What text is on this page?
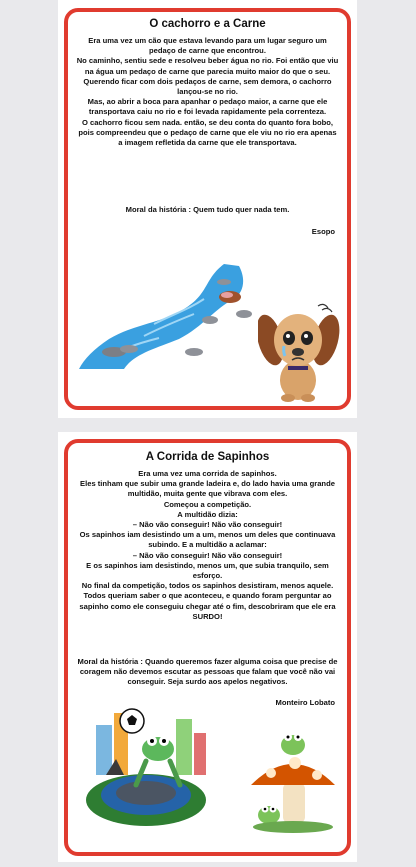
O cachorro e a Carne

Era uma vez um cão que estava levando para um lugar seguro um pedaço de carne que encontrou.

No caminho, sentiu sede e resolveu beber água no rio. Foi então que viu na água um pedaço de carne que parecia muito maior do que o seu.

Querendo ficar com dois pedaços de carne, sem demora, o cachorro lançou-se no rio.

Mas, ao abrir a boca para apanhar o pedaço maior, a carne que ele transportava caiu no rio e foi levada rapidamente pela correnteza.

O cachorro ficou sem nada. então, se deu conta do quanto fora bobo, pois compreendeu que o pedaço de carne que ele viu no rio era apenas a imagem refletida da carne que ele transportava.

Moral da história : Quem tudo quer nada tem.
Esopo
A Corrida de Sapinhos

Era uma vez uma corrida de sapinhos.

Eles tinham que subir uma grande ladeira e, do lado havia uma grande multidão, muita gente que vibrava com eles.

Começou a competição.

A multidão dizia:

– Não vão conseguir! Não vão conseguir!

Os sapinhos iam desistindo um a um, menos um deles que continuava subindo. E a multidão a aclamar:

– Não vão conseguir! Não vão conseguir!

E os sapinhos iam desistindo, menos um, que subia tranquilo, sem esforço.

No final da competição, todos os sapinhos desistiram, menos aquele.

Todos queriam saber o que aconteceu, e quando foram perguntar ao sapinho como ele conseguiu chegar até o fim, descobriram que ele era SURDO!

Moral da história : Quando queremos fazer alguma coisa que precise de coragem não devemos escutar as pessoas que falam que você não vai conseguir. Seja surdo aos apelos negativos.
Monteiro Lobato
